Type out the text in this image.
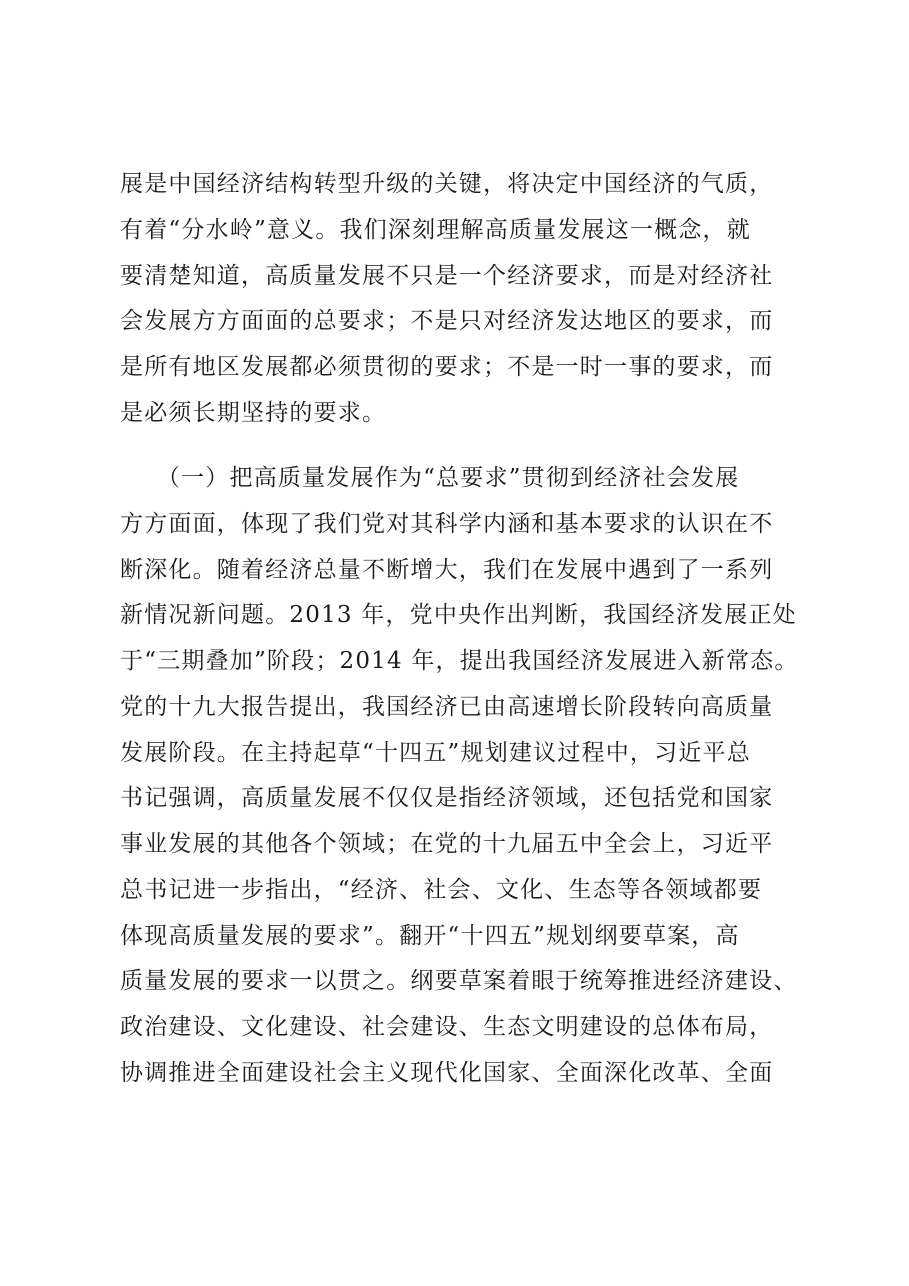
展是中国经济结构转型升级的关键，将决定中国经济的气质，
有着“分水岭”意义。我们深刻理解高质量发展这一概念，就
要清楚知道，高质量发展不只是一个经济要求，而是对经济社
会发展方方面面的总要求；不是只对经济发达地区的要求，而
是所有地区发展都必须贯彻的要求；不是一时一事的要求，而
是必须长期坚持的要求。
　　（一）把高质量发展作为“总要求”贯彻到经济社会发展
方方面面，体现了我们党对其科学内涵和基本要求的认识在不
断深化。随着经济总量不断增大，我们在发展中遇到了一系列
新情况新问题。2013 年，党中央作出判断，我国经济发展正处
于“三期叠加”阶段；2014 年，提出我国经济发展进入新常态。
党的十九大报告提出，我国经济已由高速增长阶段转向高质量
发展阶段。在主持起草“十四五”规划建议过程中，习近平总
书记强调，高质量发展不仅仅是指经济领域，还包括党和国家
事业发展的其他各个领域；在党的十九届五中全会上，习近平
总书记进一步指出，“经济、社会、文化、生态等各领域都要
体现高质量发展的要求”。翻开“十四五”规划纲要草案，高
质量发展的要求一以贯之。纲要草案着眼于统筹推进经济建设、
政治建设、文化建设、社会建设、生态文明建设的总体布局，
协调推进全面建设社会主义现代化国家、全面深化改革、全面
